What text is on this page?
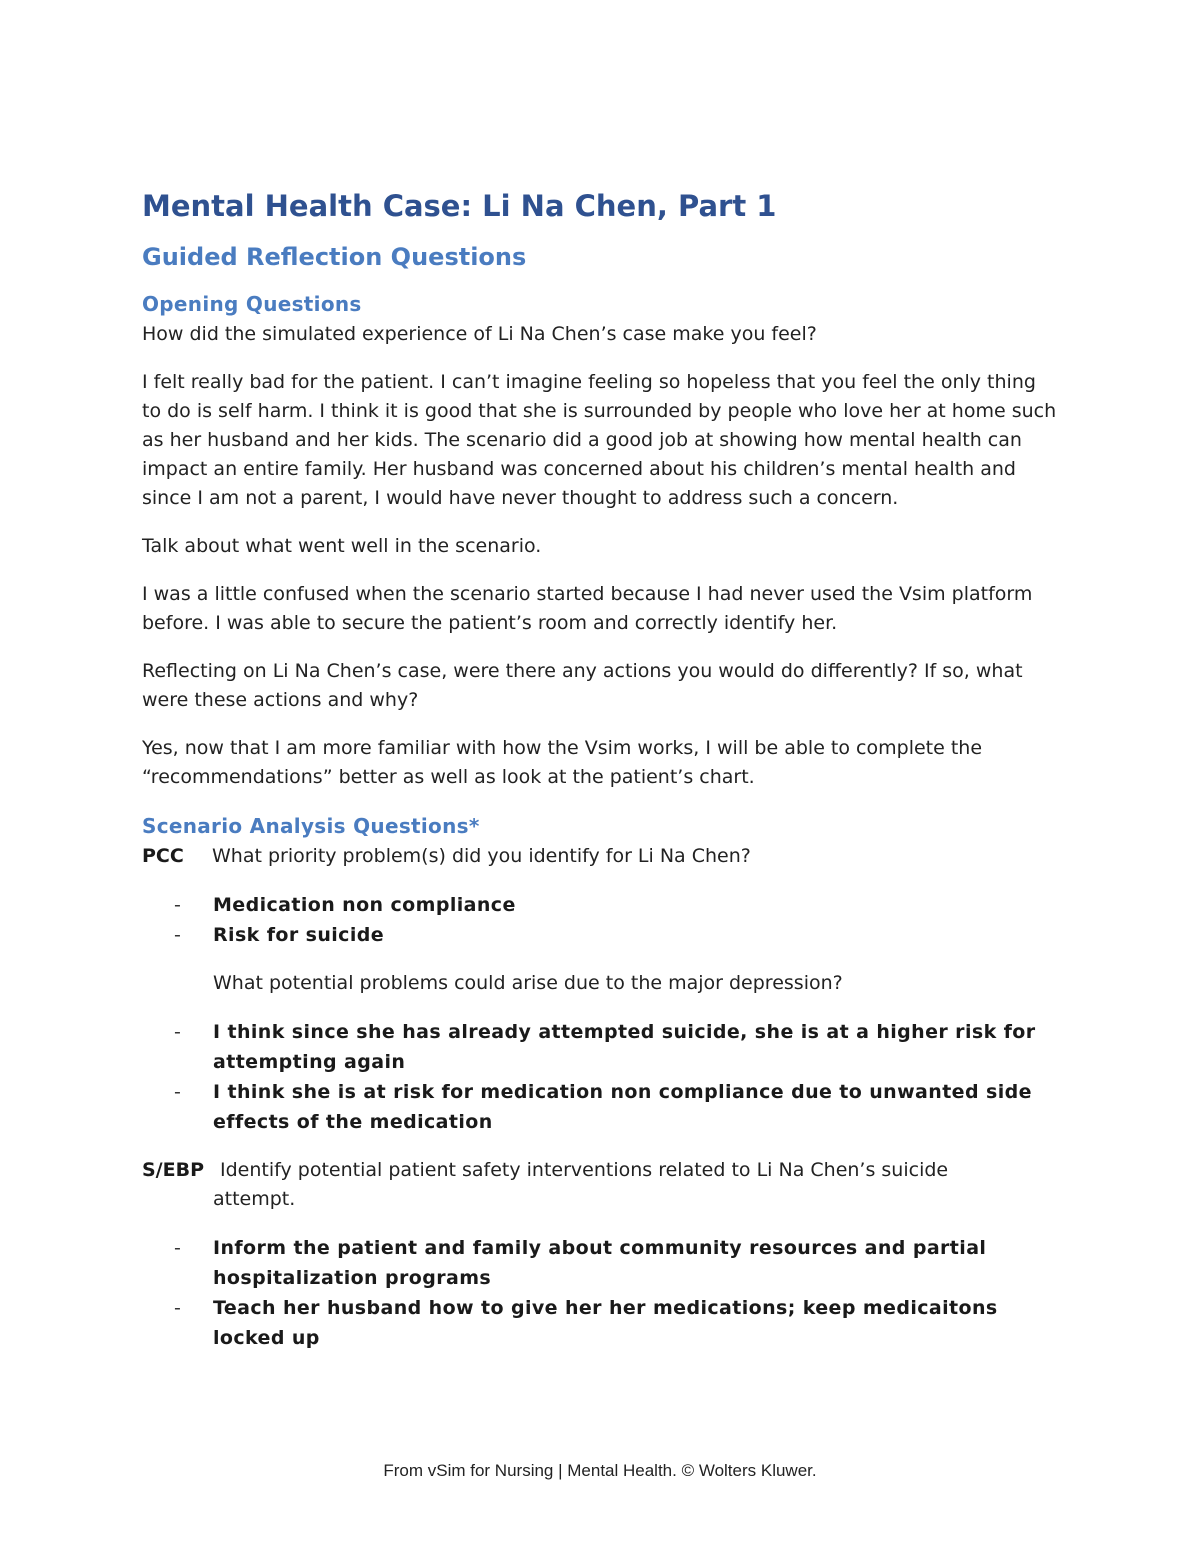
Mental Health Case: Li Na Chen, Part 1
Guided Reflection Questions
Opening Questions

How did the simulated experience of Li Na Chen’s case make you feel?

I felt really bad for the patient. I can’t imagine feeling so hopeless that you feel the only thing to do is self harm. I think it is good that she is surrounded by people who love her at home such as her husband and her kids. The scenario did a good job at showing how mental health can impact an entire family. Her husband was concerned about his children’s mental health and since I am not a parent, I would have never thought to address such a concern.

Talk about what went well in the scenario.

I was a little confused when the scenario started because I had never used the Vsim platform before. I was able to secure the patient’s room and correctly identify her.

Reflecting on Li Na Chen’s case, were there any actions you would do differently? If so, what were these actions and why?

Yes, now that I am more familiar with how the Vsim works, I will be able to complete the “recommendations” better as well as look at the patient’s chart.

Scenario Analysis Questions*
PCC	What priority problem(s) did you identify for Li Na Chen?
- Medication non compliance
- Risk for suicide

What potential problems could arise due to the major depression?

- I think since she has already attempted suicide, she is at a higher risk for attempting again
- I think she is at risk for medication non compliance due to unwanted side effects of the medication
S/EBP Identify potential patient safety interventions related to Li Na Chen’s suicide
attempt.
- Inform the patient and family about community resources and partial hospitalization programs
- Teach her husband how to give her her medications; keep medicaitons locked up
From vSim for Nursing | Mental Health. © Wolters Kluwer.
